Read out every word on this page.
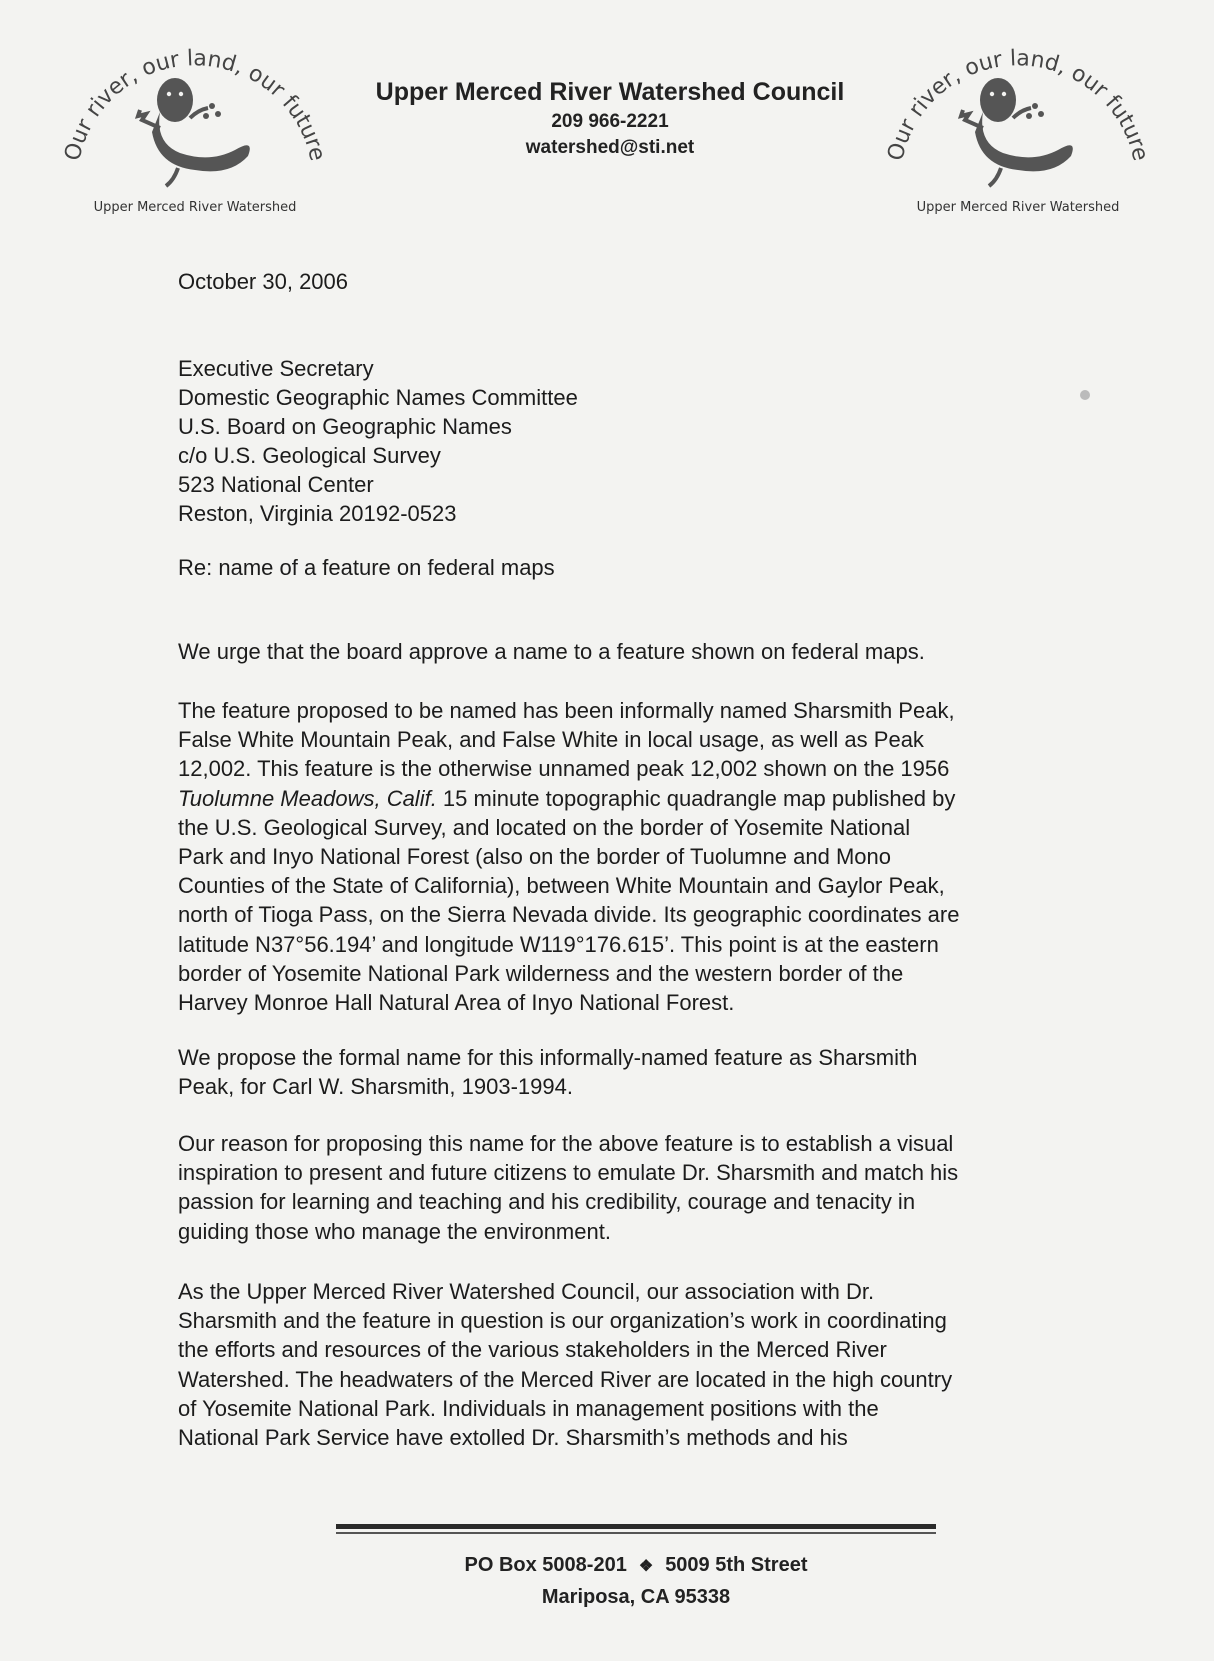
Our river, our land, our future
Upper Merced River Watershed
Upper Merced River Watershed Council
209 966-2221
watershed@sti.net	Our river, our land, our future
Upper Merced River Watershed
October 30, 2006
Executive Secretary
Domestic Geographic Names Committee
U.S. Board on Geographic Names
c/o U.S. Geological Survey
523 National Center
Reston, Virginia 20192-0523
Re: name of a feature on federal maps

We urge that the board approve a name to a feature shown on federal maps.

The feature proposed to be named has been informally named Sharsmith Peak,
False White Mountain Peak, and False White in local usage, as well as Peak
12,002. This feature is the otherwise unnamed peak 12,002 shown on the 1956
Tuolumne Meadows, Calif. 15 minute topographic quadrangle map published by
the U.S. Geological Survey, and located on the border of Yosemite National
Park and Inyo National Forest (also on the border of Tuolumne and Mono
Counties of the State of California), between White Mountain and Gaylor Peak,
north of Tioga Pass, on the Sierra Nevada divide. Its geographic coordinates are
latitude N37°56.194’ and longitude W119°176.615’. This point is at the eastern
border of Yosemite National Park wilderness and the western border of the
Harvey Monroe Hall Natural Area of Inyo National Forest.

We propose the formal name for this informally-named feature as Sharsmith
Peak, for Carl W. Sharsmith, 1903-1994.

Our reason for proposing this name for the above feature is to establish a visual
inspiration to present and future citizens to emulate Dr. Sharsmith and match his
passion for learning and teaching and his credibility, courage and tenacity in
guiding those who manage the environment.

As the Upper Merced River Watershed Council, our association with Dr.
Sharsmith and the feature in question is our organization’s work in coordinating
the efforts and resources of the various stakeholders in the Merced River
Watershed. The headwaters of the Merced River are located in the high country
of Yosemite National Park. Individuals in management positions with the
National Park Service have extolled Dr. Sharsmith’s methods and his

PO Box 5008-201 ❖ 5009 5th Street
Mariposa, CA 95338
